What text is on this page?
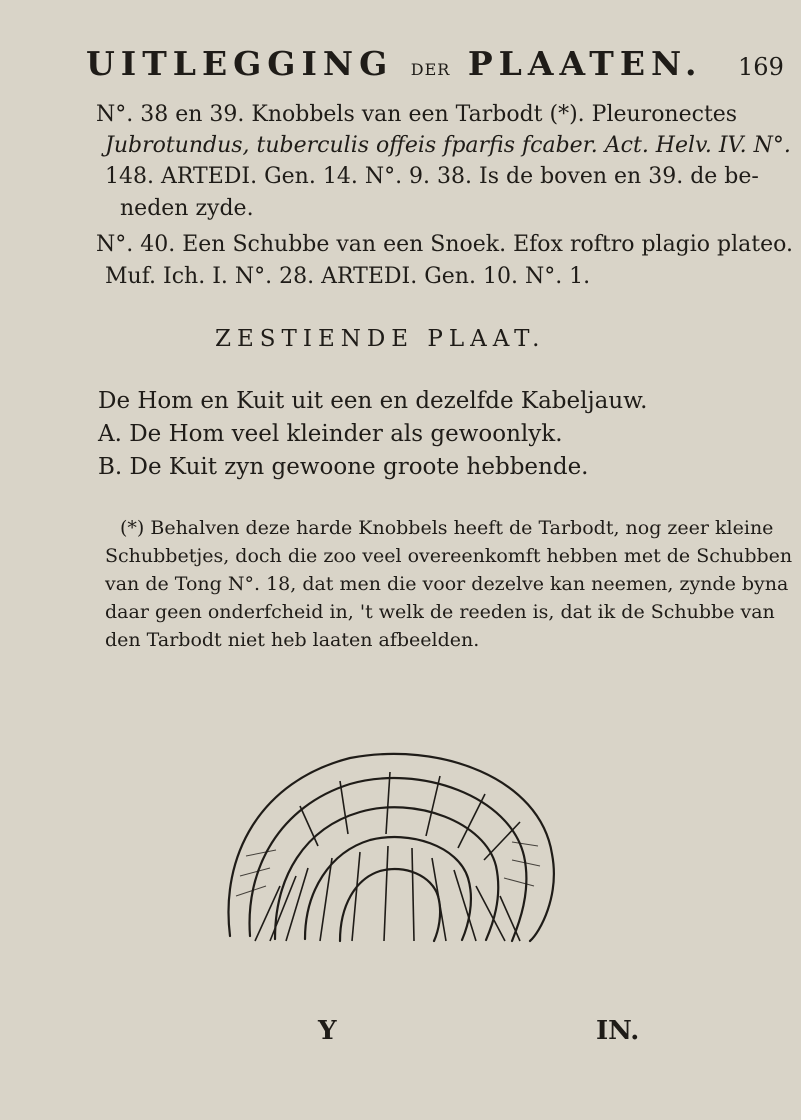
UITLEGGING DER PLAATEN. 169
N°. 38 en 39. Knobbels van een Tarbodt (*). Pleuronectes
Jubrotundus, tuberculis offeis fparfis fcaber. Act. Helv. IV. N°.
148. ARTEDI. Gen. 14. N°. 9. 38. Is de boven en 39. de be-
neden zyde.
N°. 40. Een Schubbe van een Snoek. Efox roftro plagio plateo.
Muf. Ich. I. N°. 28. ARTEDI. Gen. 10. N°. 1.
ZESTIENDE PLAAT.
De Hom en Kuit uit een en dezelfde Kabeljauw.
A. De Hom veel kleinder als gewoonlyk.
B. De Kuit zyn gewoone groote hebbende.
(*) Behalven deze harde Knobbels heeft de Tarbodt, nog zeer kleine
Schubbetjes, doch die zoo veel overeenkomft hebben met de Schubben
van de Tong N°. 18, dat men die voor dezelve kan neemen, zynde byna
daar geen onderfcheid in, 't welk de reeden is, dat ik de Schubbe van
den Tarbodt niet heb laaten afbeelden.
Y	IN.
